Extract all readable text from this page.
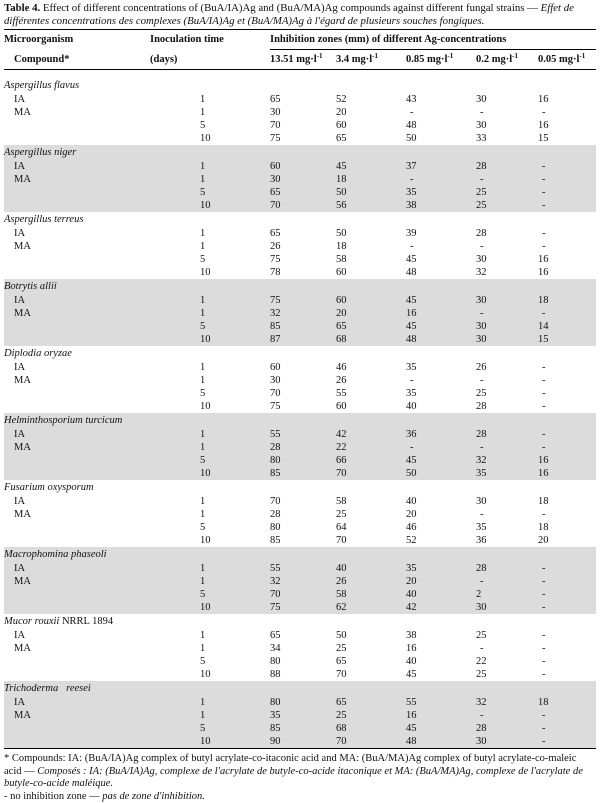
Table 4. Effect of different concentrations of (BuA/IA)Ag and (BuA/MA)Ag compounds against different fungal strains — Effet de différentes concentrations des complexes (BuA/IA)Ag et (BuA/MA)Ag à l'égard de plusieurs souches fongiques.
Microorganism	Inoculation time	Inhibition zones (mm) of different Ag-concentrations				
Compound*	(days)	13.51 $mg\cdot l^{-1}$	3.4 $mg\cdot l^{-1}$	0.85 $mg\cdot l^{-1}$	0.2 $mg\cdot l^{-1}$	0.05 $mg\cdot l^{-1}$

Aspergillus flavus						
IA	1	65	52	43	30	16
MA	1	30	20	-	-	-
	5	70	60	48	30	16
	10	75	65	50	33	15
Aspergillus niger						
IA	1	60	45	37	28	-
MA	1	30	18	-	-	-
	5	65	50	35	25	-
	10	70	56	38	25	-
Aspergillus terreus						
IA	1	65	50	39	28	-
MA	1	26	18	-	-	-
	5	75	58	45	30	16
	10	78	60	48	32	16
Botrytis allii						
IA	1	75	60	45	30	18
MA	1	32	20	16	-	-
	5	85	65	45	30	14
	10	87	68	48	30	15
Diplodia oryzae						
IA	1	60	46	35	26	-
MA	1	30	26	-	-	-
	5	70	55	35	25	-
	10	75	60	40	28	-
Helminthosporium turcicum						
IA	1	55	42	36	28	-
MA	1	28	22	-	-	-
	5	80	66	45	32	16
	10	85	70	50	35	16
Fusarium oxysporum						
IA	1	70	58	40	30	18
MA	1	28	25	20	-	-
	5	80	64	46	35	18
	10	85	70	52	36	20
Macrophomina phaseoli						
IA	1	55	40	35	28	-
MA	1	32	26	20	-	-
	5	70	58	40	2	-
	10	75	62	42	30	-
Mucor rouxii NRRL 1894						
IA	1	65	50	38	25	-
MA	1	34	25	16	-	-
	5	80	65	40	22	-
	10	88	70	45	25	-
Trichoderma   reesei						
IA	1	80	65	55	32	18
MA	1	35	25	16	-	-
	5	85	68	45	28	-
	10	90	70	48	30	-
* Compounds: IA: (BuA/IA)Ag complex of butyl acrylate-co-itaconic acid and MA: (BuA/MA)Ag complex of butyl acrylate-co-maleic acid — Composés : IA: (BuA/IA)Ag, complexe de l'acrylate de butyle-co-acide itaconique et MA: (BuA/MA)Ag, complexe de l'acrylate de butyle-co-acide maléique.
- no inhibition zone — pas de zone d'inhibition.
